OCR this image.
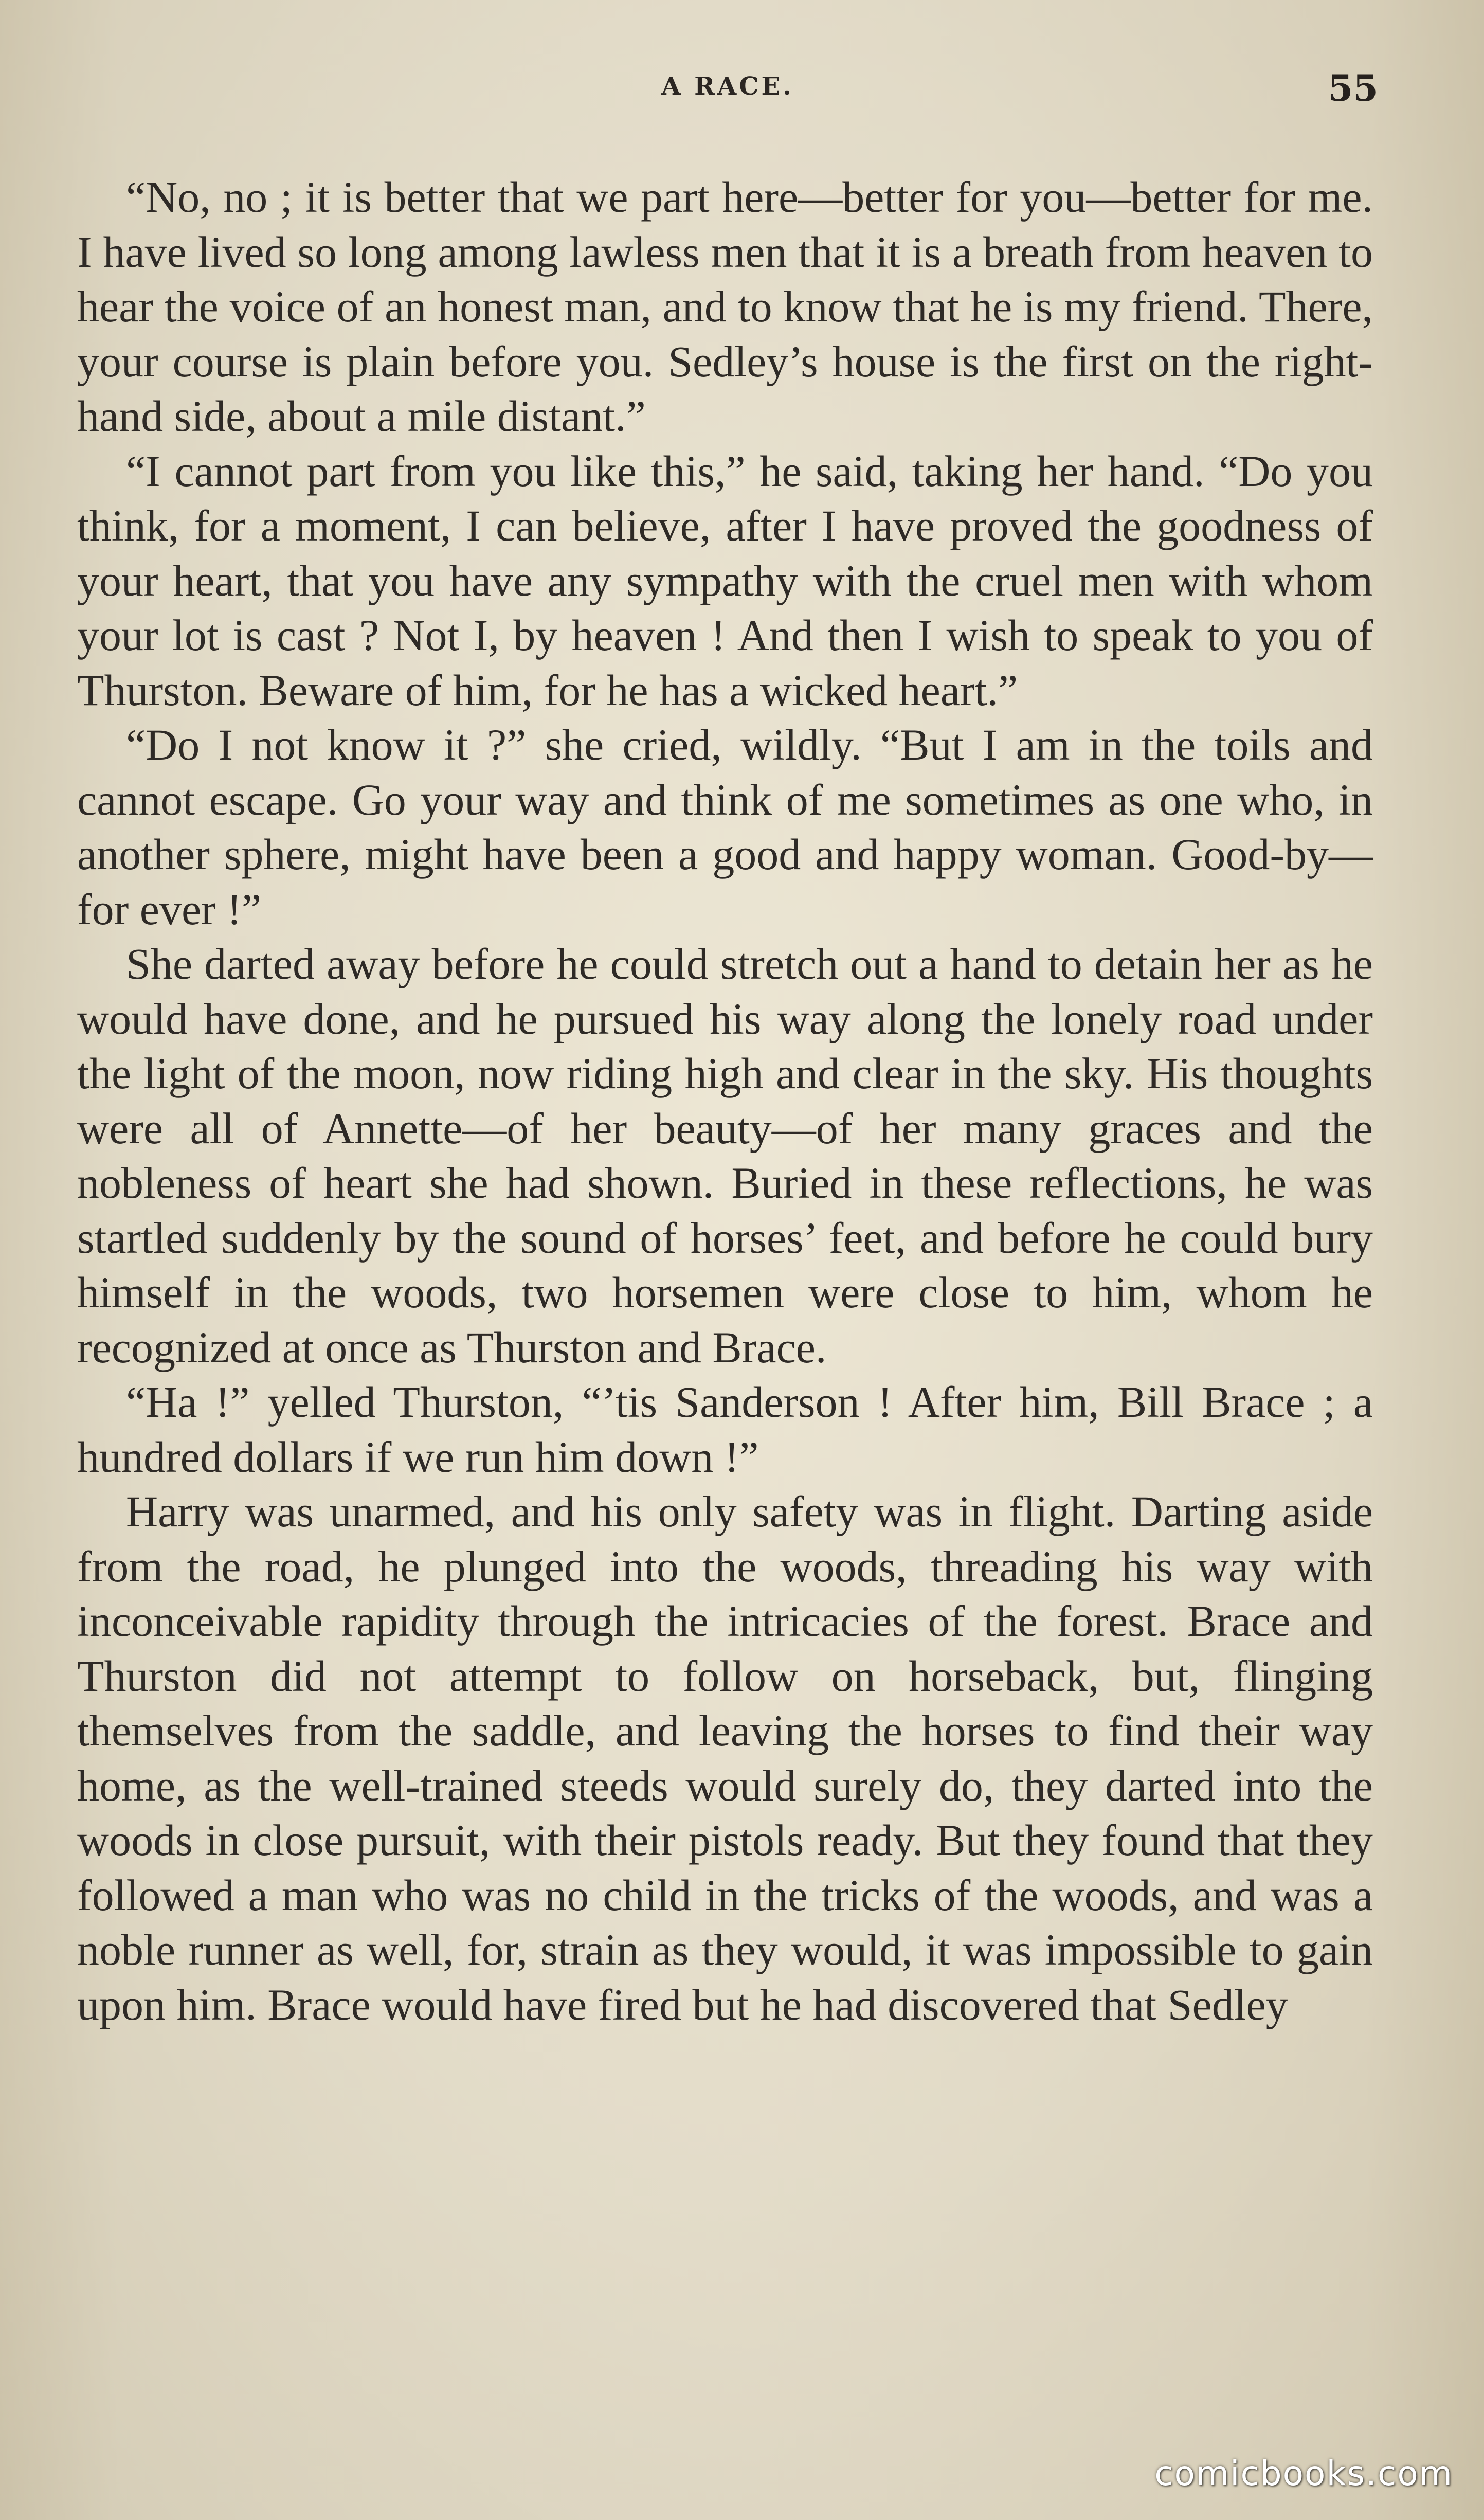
A RACE.	55

“No, no ; it is better that we part here—better for you—better for me. I have lived so long among lawless men that it is a breath from heaven to hear the voice of an honest man, and to know that he is my friend. There, your course is plain before you. Sedley’s house is the first on the right-hand side, about a mile distant.”

“I cannot part from you like this,” he said, taking her hand. “Do you think, for a moment, I can believe, after I have proved the goodness of your heart, that you have any sympathy with the cruel men with whom your lot is cast ? Not I, by heaven ! And then I wish to speak to you of Thurston. Beware of him, for he has a wicked heart.”

“Do I not know it ?” she cried, wildly. “But I am in the toils and cannot escape. Go your way and think of me sometimes as one who, in another sphere, might have been a good and happy woman. Good-by—for ever !”

She darted away before he could stretch out a hand to detain her as he would have done, and he pursued his way along the lonely road under the light of the moon, now riding high and clear in the sky. His thoughts were all of Annette—of her beauty—of her many graces and the nobleness of heart she had shown. Buried in these reflections, he was startled suddenly by the sound of horses’ feet, and before he could bury himself in the woods, two horsemen were close to him, whom he recognized at once as Thurston and Brace.

“Ha !” yelled Thurston, “’tis Sanderson ! After him, Bill Brace ; a hundred dollars if we run him down !”

Harry was unarmed, and his only safety was in flight. Darting aside from the road, he plunged into the woods, threading his way with inconceivable rapidity through the intricacies of the forest. Brace and Thurston did not attempt to follow on horseback, but, flinging themselves from the saddle, and leaving the horses to find their way home, as the well-trained steeds would surely do, they darted into the woods in close pursuit, with their pistols ready. But they found that they followed a man who was no child in the tricks of the woods, and was a noble runner as well, for, strain as they would, it was impossible to gain upon him. Brace would have fired but he had discovered that Sedley

comicbooks.com
